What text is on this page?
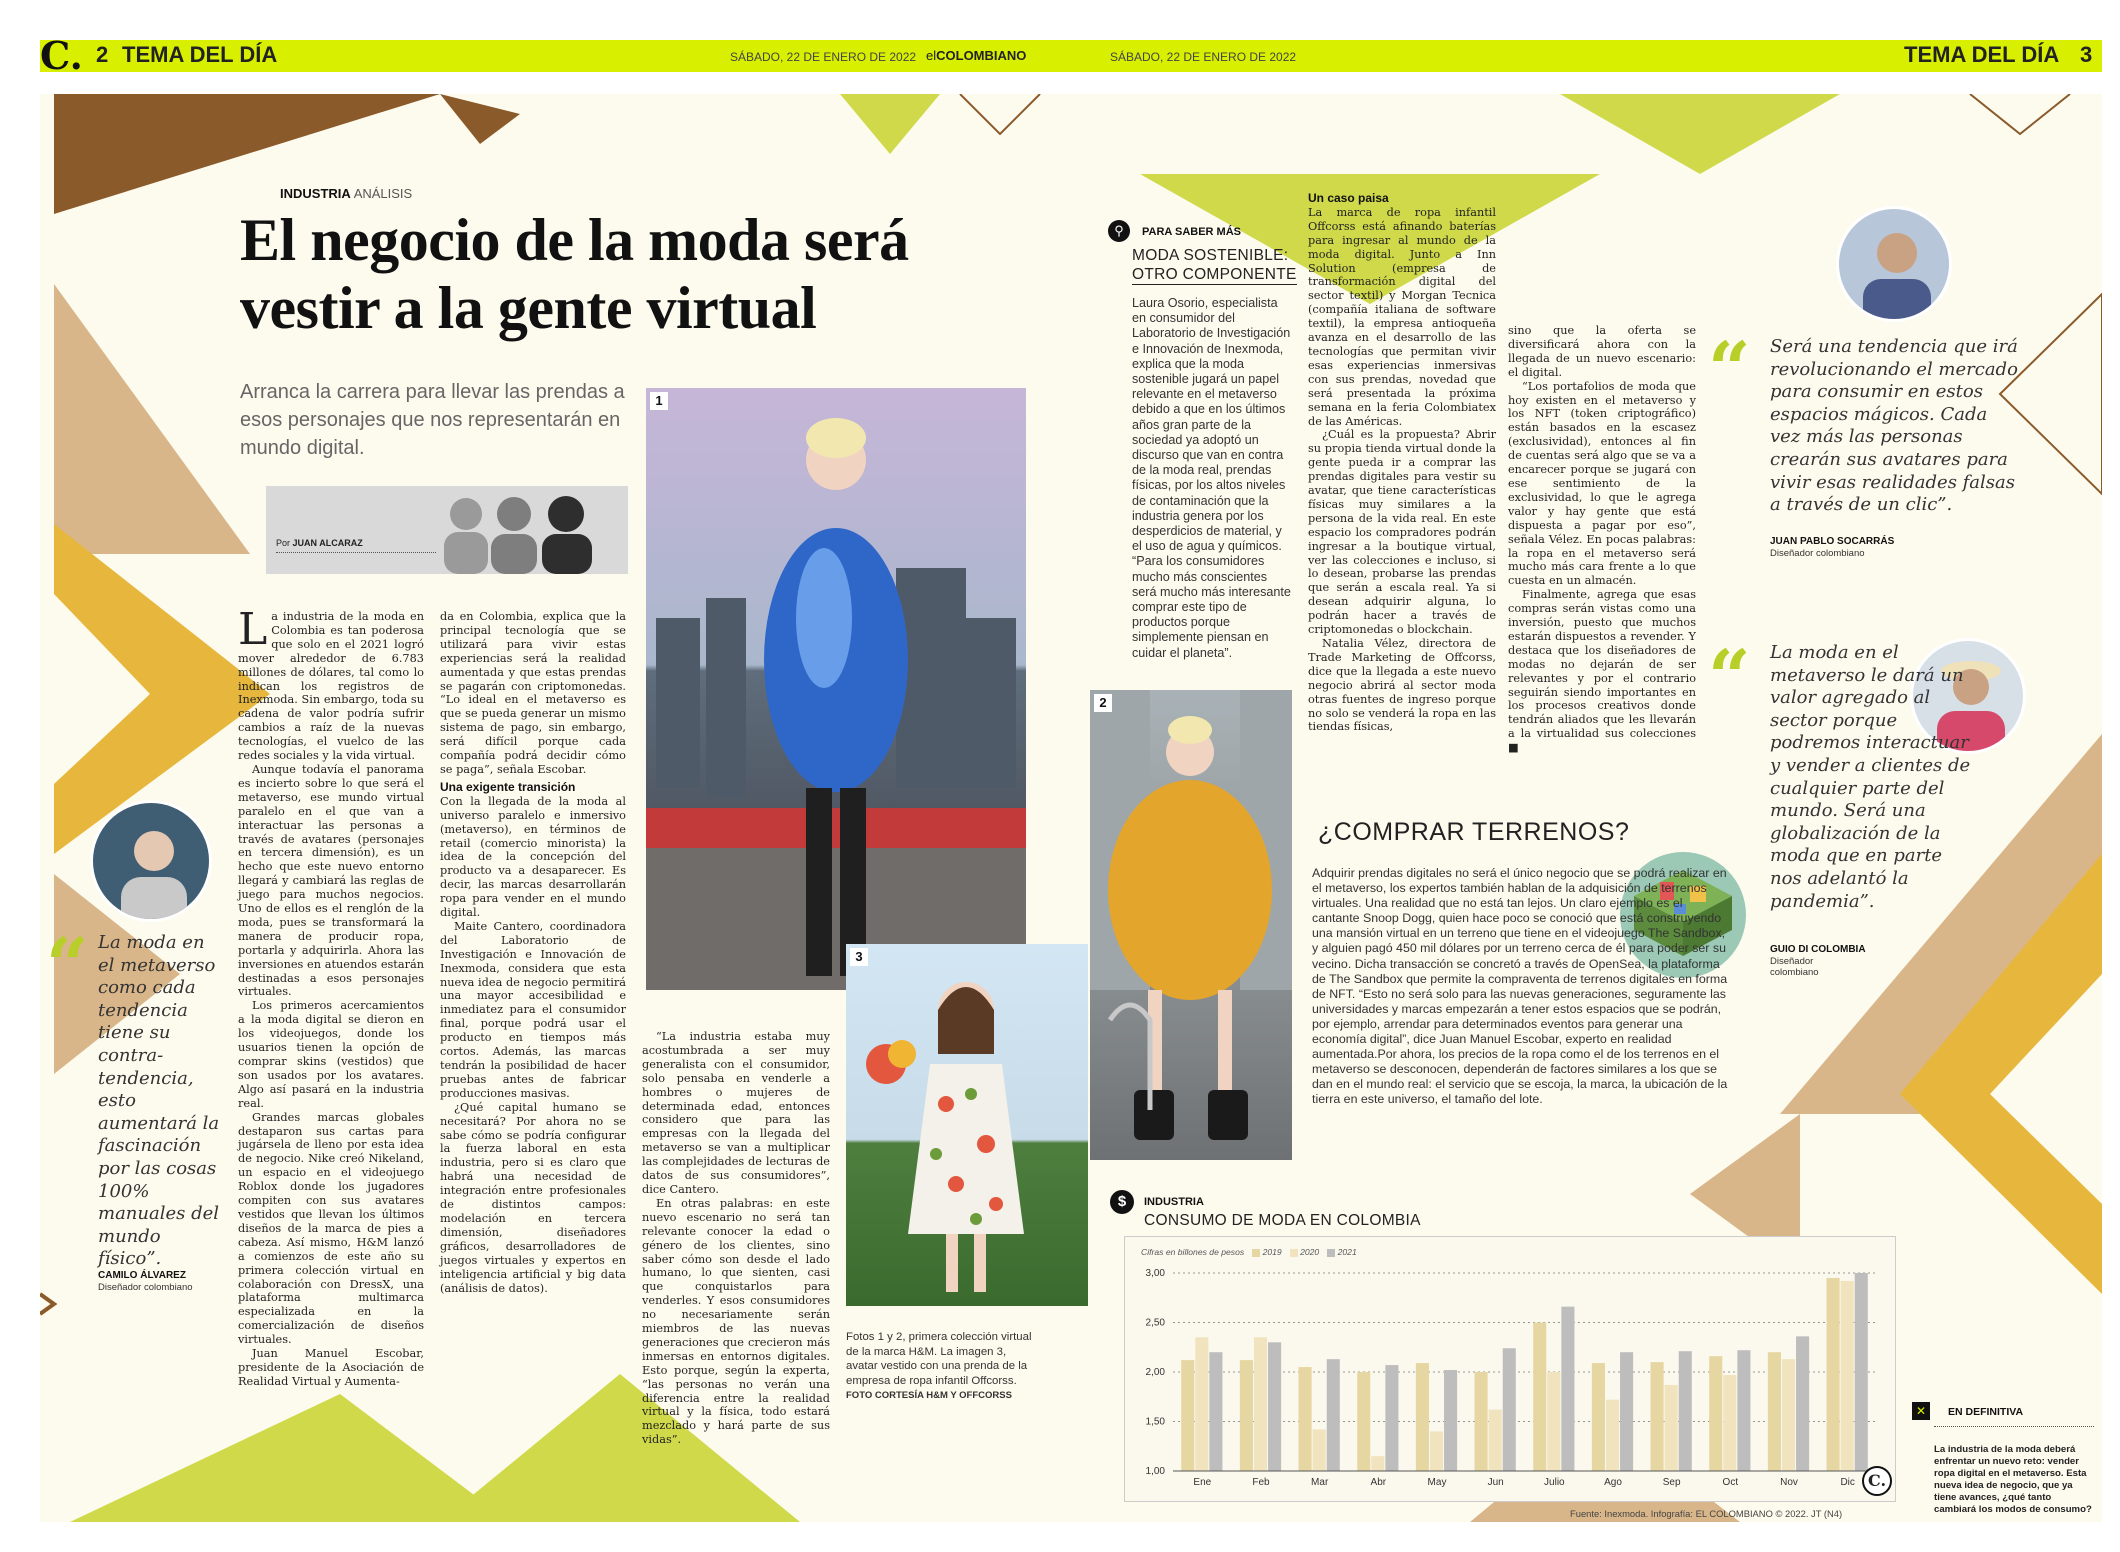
2 TEMA DEL DÍA	SÁBADO, 22 DE ENERO DE 2022 elCOLOMBIANO	SÁBADO, 22 DE ENERO DE 2022	TEMA DEL DÍA 3
C.
INDUSTRIA ANÁLISIS
El negocio de la moda será
vestir a la gente virtual
Arranca la carrera para llevar las prendas a esos personajes que nos representarán en mundo digital.
Por JUAN ALCARAZ
“ La moda en el metaverso como cada tendencia tiene su contra-tendencia, esto aumentará la fascinación por las cosas 100% manuales del mundo físico”.
CAMILO ÁLVAREZ
Diseñador colombiano
L a industria de la moda en Colombia es tan poderosa que solo en el 2021 logró mover alrededor de 6.783 millones de dólares, tal como lo indican los registros de Inexmoda. Sin embargo, toda su cadena de valor podría sufrir cambios a raíz de la nuevas tecnologías, el vuelco de las redes sociales y la vida virtual.

Aunque todavía el panorama es incierto sobre lo que será el metaverso, ese mundo virtual paralelo en el que van a interactuar las personas a través de avatares (personajes en tercera dimensión), es un hecho que este nuevo entorno llegará y cambiará las reglas de juego para muchos negocios. Uno de ellos es el renglón de la moda, pues se transformará la manera de producir ropa, portarla y adquirirla. Ahora las inversiones en atuendos estarán destinadas a esos personajes virtuales.

Los primeros acercamientos a la moda digital se dieron en los videojuegos, donde los usuarios tienen la opción de comprar skins (vestidos) que son usados por los avatares. Algo así pasará en la industria real.

Grandes marcas globales destaparon sus cartas para jugársela de lleno por esta idea de negocio. Nike creó Nikeland, un espacio en el videojuego Roblox donde los jugadores compiten con sus avatares vestidos que llevan los últimos diseños de la marca de pies a cabeza. Así mismo, H&M lanzó a comienzos de este año su primera colección virtual en colaboración con DressX, una plataforma multimarca especializada en la comercialización de diseños virtuales.

Juan Manuel Escobar, presidente de la Asociación de Realidad Virtual y Aumenta-

da en Colombia, explica que la principal tecnología que se utilizará para vivir estas experiencias será la realidad aumentada y que estas prendas se pagarán con criptomonedas. “Lo ideal en el metaverso es que se pueda generar un mismo sistema de pago, sin embargo, será difícil porque cada compañía podrá decidir cómo se paga”, señala Escobar.

Una exigente transición

Con la llegada de la moda al universo paralelo e inmersivo (metaverso), en términos de retail (comercio minorista) la idea de la concepción del producto va a desaparecer. Es decir, las marcas desarrollarán ropa para vender en el mundo digital.

Maite Cantero, coordinadora del Laboratorio de Investigación e Innovación de Inexmoda, considera que esta nueva idea de negocio permitirá una mayor accesibilidad e inmediatez para el consumidor final, porque podrá usar el producto en tiempos más cortos. Además, las marcas tendrán la posibilidad de hacer pruebas antes de fabricar producciones masivas.

¿Qué capital humano se necesitará? Por ahora no se sabe cómo se podría configurar la fuerza laboral en esta industria, pero si es claro que habrá una necesidad de integración entre profesionales de distintos campos: modelación en tercera dimensión, diseñadores gráficos, desarrolladores de juegos virtuales y expertos en inteligencia artificial y big data (análisis de datos).

1
2
3

“La industria estaba muy acostumbrada a ser muy generalista con el consumidor, solo pensaba en venderle a hombres o mujeres de determinada edad, entonces considero que para las empresas con la llegada del metaverso se van a multiplicar las complejidades de lecturas de datos de sus consumidores”, dice Cantero.

En otras palabras: en este nuevo escenario no será tan relevante conocer la edad o género de los clientes, sino saber cómo son desde el lado humano, lo que sienten, casi que conquistarlos para venderles. Y esos consumidores no necesariamente serán miembros de las nuevas generaciones que crecieron más inmersas en entornos digitales. Esto porque, según la experta, “las personas no verán una diferencia entre la realidad virtual y la física, todo estará mezclado y hará parte de sus vidas”.

Fotos 1 y 2, primera colección virtual de la marca H&M. La imagen 3, avatar vestido con una prenda de la empresa de ropa infantil Offcorss. FOTO CORTESÍA H&M Y OFFCORSS
⚲	PARA SABER MÁS
MODA SOSTENIBLE:
OTRO COMPONENTE
Laura Osorio, especialista en consumidor del Laboratorio de Investigación e Innovación de Inexmoda, explica que la moda sostenible jugará un papel relevante en el metaverso debido a que en los últimos años gran parte de la sociedad ya adoptó un discurso que van en contra de la moda real, prendas físicas, por los altos niveles de contaminación que la industria genera por los desperdicios de material, y el uso de agua y químicos. “Para los consumidores mucho más conscientes será mucho más interesante comprar este tipo de productos porque simplemente piensan en cuidar el planeta”.
Un caso paisa

La marca de ropa infantil Offcorss está afinando baterías para ingresar al mundo de la moda digital. Junto a Inn Solution (empresa de transformación digital del sector textil) y Morgan Tecnica (compañía italiana de software textil), la empresa antioqueña avanza en el desarrollo de las tecnologías que permitan vivir esas experiencias inmersivas con sus prendas, novedad que será presentada la próxima semana en la feria Colombiatex de las Américas.

¿Cuál es la propuesta? Abrir su propia tienda virtual donde la gente pueda ir a comprar las prendas digitales para vestir su avatar, que tiene características físicas muy similares a la persona de la vida real. En este espacio los compradores podrán ingresar a la boutique virtual, ver las colecciones e incluso, si lo desean, probarse las prendas que serán a escala real. Ya si desean adquirir alguna, lo podrán hacer a través de criptomonedas o blockchain.

Natalia Vélez, directora de Trade Marketing de Offcorss, dice que la llegada a este nuevo negocio abrirá al sector moda otras fuentes de ingreso porque no solo se venderá la ropa en las tiendas físicas,

sino que la oferta se diversificará ahora con la llegada de un nuevo escenario: el digital.

“Los portafolios de moda que hoy existen en el metaverso y los NFT (token criptográfico) están basados en la escasez (exclusividad), entonces al fin de cuentas será algo que se va a encarecer porque se jugará con ese sentimiento de la exclusividad, lo que le agrega valor y hay gente que está dispuesta a pagar por eso”, señala Vélez. En pocas palabras: la ropa en el metaverso será mucho más cara frente a lo que cuesta en un almacén.

Finalmente, agrega que esas compras serán vistas como una inversión, puesto que muchos estarán dispuestos a revender. Y destaca que los diseñadores de modas no dejarán de ser relevantes y por el contrario seguirán siendo importantes en los procesos creativos donde tendrán aliados que les llevarán a la virtualidad sus colecciones ■

¿COMPRAR TERRENOS?
Adquirir prendas digitales no será el único negocio que se podrá realizar en el metaverso, los expertos también hablan de la adquisición de terrenos virtuales. Una realidad que no está tan lejos. Un claro ejemplo es el cantante Snoop Dogg, quien hace poco se conoció que está construyendo una mansión virtual en un terreno que tiene en el videojuego The Sandbox, y alguien pagó 450 mil dólares por un terreno cerca de él para poder ser su vecino. Dicha transacción se concretó a través de OpenSea, la plataforma de The Sandbox que permite la compraventa de terrenos digitales en forma de NFT. “Esto no será solo para las nuevas generaciones, seguramente las universidades y marcas empezarán a tener estos espacios que se podrán, por ejemplo, arrendar para determinados eventos para generar una economía digital”, dice Juan Manuel Escobar, experto en realidad aumentada.Por ahora, los precios de la ropa como el de los terrenos en el metaverso se desconocen, dependerán de factores similares a los que se dan en el mundo real: el servicio que se escoja, la marca, la ubicación de la tierra en este universo, el tamaño del lote.
“ Será una tendencia que irá revolucionando el mercado para consumir en estos espacios mágicos. Cada vez más las personas crearán sus avatares para vivir esas realidades falsas a través de un clic”.
JUAN PABLO SOCARRÁS
Diseñador colombiano
“ La moda en el metaverso le dará un valor agregado al sector porque podremos interactuar y vender a clientes de cualquier parte del mundo. Será una globalización de la moda que en parte nos adelantó la pandemia”.
GUIO DI COLOMBIA
Diseñador colombiano
$	INDUSTRIA
CONSUMO DE MODA EN COLOMBIA
Cifras en billones de pesos	2019	2020	2021
3,00
2,50
2,00
1,50
1,00
Ene	Feb	Mar	Abr	May	Jun	Julio	Ago	Sep	Oct	Nov	Dic
Fuente: Inexmoda. Infografía: EL COLOMBIANO © 2022. JT (N4)
✕	EN DEFINITIVA
La industria de la moda deberá enfrentar un nuevo reto: vender ropa digital en el metaverso. Esta nueva idea de negocio, que ya tiene avances, ¿qué tanto cambiará los modos de consumo?
C.
